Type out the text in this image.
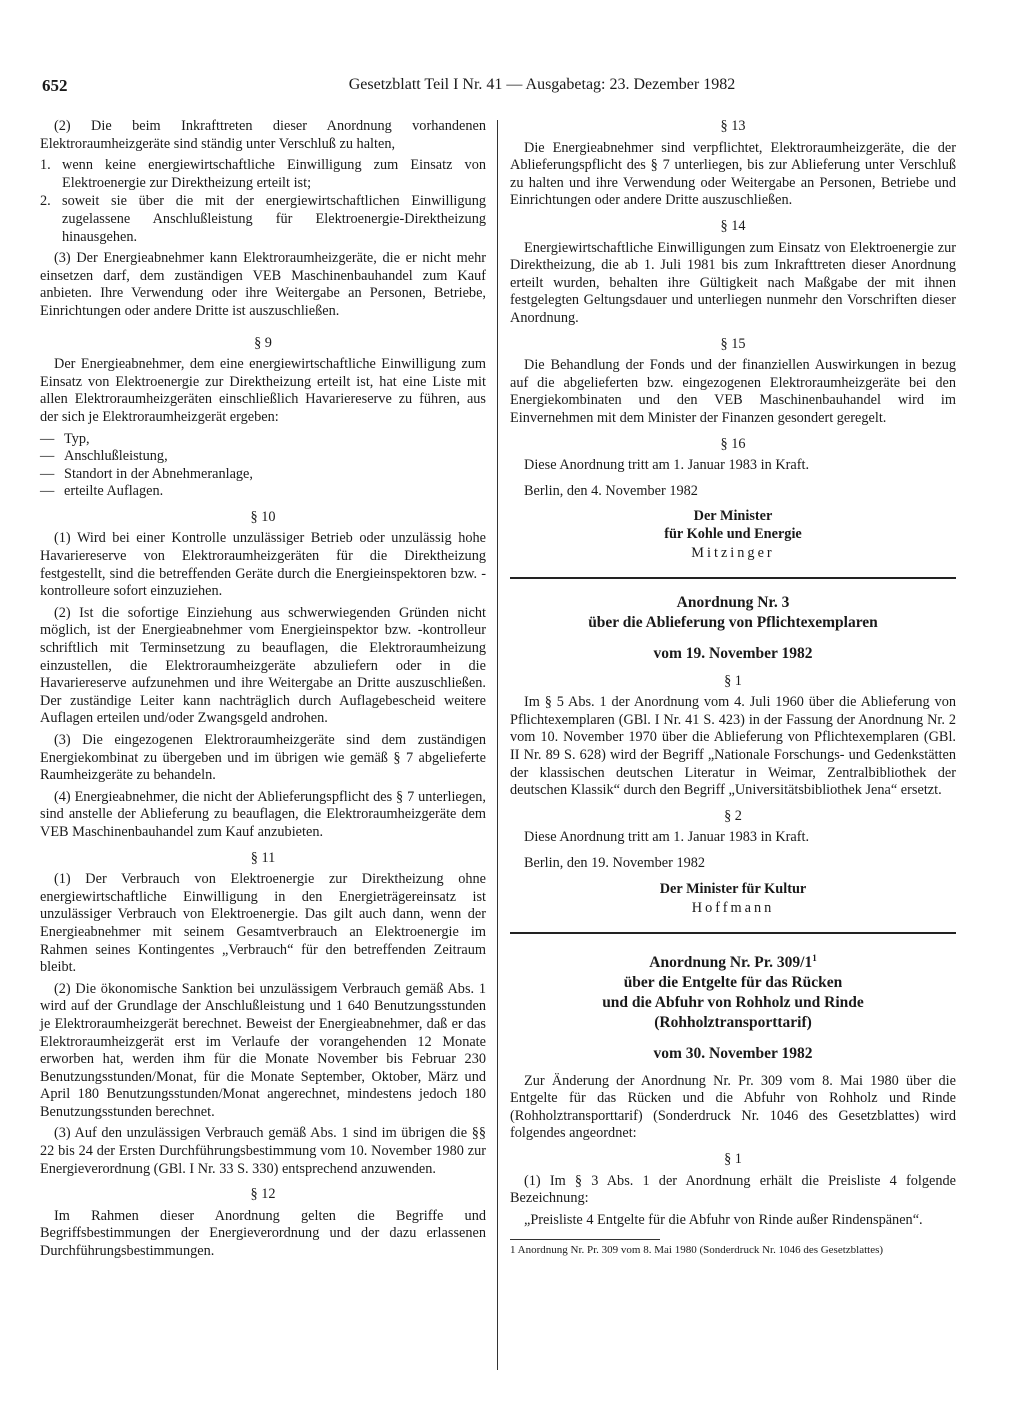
652	Gesetzblatt Teil I Nr. 41 — Ausgabetag: 23. Dezember 1982

(2) Die beim Inkrafttreten dieser Anordnung vorhandenen Elektroraumheizgeräte sind ständig unter Verschluß zu halten,

1. wenn keine energiewirtschaftliche Einwilligung zum Einsatz von Elektroenergie zur Direktheizung erteilt ist;
2. soweit sie über die mit der energiewirtschaftlichen Einwilligung zugelassene Anschlußleistung für Elektroenergie-Direktheizung hinausgehen.

(3) Der Energieabnehmer kann Elektroraumheizgeräte, die er nicht mehr einsetzen darf, dem zuständigen VEB Maschinenbauhandel zum Kauf anbieten. Ihre Verwendung oder ihre Weitergabe an Personen, Betriebe, Einrichtungen oder andere Dritte ist auszuschließen.

§ 9

Der Energieabnehmer, dem eine energiewirtschaftliche Einwilligung zum Einsatz von Elektroenergie zur Direktheizung erteilt ist, hat eine Liste mit allen Elektroraumheizgeräten einschließlich Havariereserve zu führen, aus der sich je Elektroraumheizgerät ergeben:

— Typ,
— Anschlußleistung,
— Standort in der Abnehmeranlage,
— erteilte Auflagen.
§ 10

(1) Wird bei einer Kontrolle unzulässiger Betrieb oder unzulässig hohe Havariereserve von Elektroraumheizgeräten für die Direktheizung festgestellt, sind die betreffenden Geräte durch die Energieinspektoren bzw. -kontrolleure sofort einzuziehen.

(2) Ist die sofortige Einziehung aus schwerwiegenden Gründen nicht möglich, ist der Energieabnehmer vom Energieinspektor bzw. -kontrolleur schriftlich mit Terminsetzung zu beauflagen, die Elektroraumheizung einzustellen, die Elektroraumheizgeräte abzuliefern oder in die Havariereserve aufzunehmen und ihre Weitergabe an Dritte auszuschließen. Der zuständige Leiter kann nachträglich durch Auflagebescheid weitere Auflagen erteilen und/oder Zwangsgeld androhen.

(3) Die eingezogenen Elektroraumheizgeräte sind dem zuständigen Energiekombinat zu übergeben und im übrigen wie gemäß § 7 abgelieferte Raumheizgeräte zu behandeln.

(4) Energieabnehmer, die nicht der Ablieferungspflicht des § 7 unterliegen, sind anstelle der Ablieferung zu beauflagen, die Elektroraumheizgeräte dem VEB Maschinenbauhandel zum Kauf anzubieten.

§ 11

(1) Der Verbrauch von Elektroenergie zur Direktheizung ohne energiewirtschaftliche Einwilligung in den Energieträgereinsatz ist unzulässiger Verbrauch von Elektroenergie. Das gilt auch dann, wenn der Energieabnehmer mit seinem Gesamtverbrauch an Elektroenergie im Rahmen seines Kontingentes „Verbrauch“ für den betreffenden Zeitraum bleibt.

(2) Die ökonomische Sanktion bei unzulässigem Verbrauch gemäß Abs. 1 wird auf der Grundlage der Anschlußleistung und 1 640 Benutzungsstunden je Elektroraumheizgerät berechnet. Beweist der Energieabnehmer, daß er das Elektroraumheizgerät erst im Verlaufe der vorangehenden 12 Monate erworben hat, werden ihm für die Monate November bis Februar 230 Benutzungsstunden/Monat, für die Monate September, Oktober, März und April 180 Benutzungsstunden/Monat angerechnet, mindestens jedoch 180 Benutzungsstunden berechnet.

(3) Auf den unzulässigen Verbrauch gemäß Abs. 1 sind im übrigen die §§ 22 bis 24 der Ersten Durchführungsbestimmung vom 10. November 1980 zur Energieverordnung (GBl. I Nr. 33 S. 330) entsprechend anzuwenden.

§ 12

Im Rahmen dieser Anordnung gelten die Begriffe und Begriffsbestimmungen der Energieverordnung und der dazu erlassenen Durchführungsbestimmungen.

§ 13

Die Energieabnehmer sind verpflichtet, Elektroraumheizgeräte, die der Ablieferungspflicht des § 7 unterliegen, bis zur Ablieferung unter Verschluß zu halten und ihre Verwendung oder Weitergabe an Personen, Betriebe und Einrichtungen oder andere Dritte auszuschließen.

§ 14

Energiewirtschaftliche Einwilligungen zum Einsatz von Elektroenergie zur Direktheizung, die ab 1. Juli 1981 bis zum Inkrafttreten dieser Anordnung erteilt wurden, behalten ihre Gültigkeit nach Maßgabe der mit ihnen festgelegten Geltungsdauer und unterliegen nunmehr den Vorschriften dieser Anordnung.

§ 15

Die Behandlung der Fonds und der finanziellen Auswirkungen in bezug auf die abgelieferten bzw. eingezogenen Elektroraumheizgeräte bei den Energiekombinaten und den VEB Maschinenbauhandel wird im Einvernehmen mit dem Minister der Finanzen gesondert geregelt.

§ 16

Diese Anordnung tritt am 1. Januar 1983 in Kraft.

Berlin, den 4. November 1982
Der Minister
für Kohle und Energie
Mitzinger
Anordnung Nr. 3
über die Ablieferung von Pflichtexemplaren
vom 19. November 1982
§ 1

Im § 5 Abs. 1 der Anordnung vom 4. Juli 1960 über die Ablieferung von Pflichtexemplaren (GBl. I Nr. 41 S. 423) in der Fassung der Anordnung Nr. 2 vom 10. November 1970 über die Ablieferung von Pflichtexemplaren (GBl. II Nr. 89 S. 628) wird der Begriff „Nationale Forschungs- und Gedenkstätten der klassischen deutschen Literatur in Weimar, Zentralbibliothek der deutschen Klassik“ durch den Begriff „Universitätsbibliothek Jena“ ersetzt.

§ 2

Diese Anordnung tritt am 1. Januar 1983 in Kraft.

Berlin, den 19. November 1982
Der Minister für Kultur
Hoffmann
Anordnung Nr. Pr. $309/1^1$
über die Entgelte für das Rücken
und die Abfuhr von Rohholz und Rinde
(Rohholztransporttarif)
vom 30. November 1982

Zur Änderung der Anordnung Nr. Pr. 309 vom 8. Mai 1980 über die Entgelte für das Rücken und die Abfuhr von Rohholz und Rinde (Rohholztransporttarif) (Sonderdruck Nr. 1046 des Gesetzblattes) wird folgendes angeordnet:

§ 1

(1) Im § 3 Abs. 1 der Anordnung erhält die Preisliste 4 folgende Bezeichnung:

„Preisliste 4 Entgelte für die Abfuhr von Rinde außer Rindenspänen“.

1 Anordnung Nr. Pr. 309 vom 8. Mai 1980 (Sonderdruck Nr. 1046 des Gesetzblattes)
